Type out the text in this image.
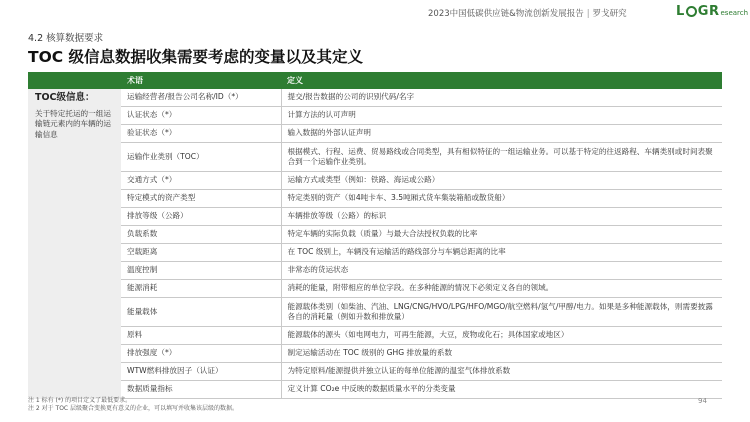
2023中国低碳供应链&物流创新发展报告 | 罗戈研究	L GR esearch
4.2 核算数据要求
TOC 级信息数据收集需要考虑的变量以及其定义
	术语	定义

TOC级信息：
关于特定托运的一组运输链元素内的车辆的运输信息	运输经营者/报告公司名称/ID（*）	提交/报告数据的公司的识别代码/名字
	认证状态（*）	计算方法的认可声明
	验证状态（*）	输入数据的外部认证声明
	运输作业类别（TOC）	根据模式、行程、运费、贸易路线或合同类型，具有相似特征的一组运输业务。可以基于特定的往返路程、车辆类别或时间表聚合到一个运输作业类别。
	交通方式（*）	运输方式或类型（例如：铁路、海运或公路）
	特定模式的资产类型	特定类别的资产（如4吨卡车、3.5吨厢式货车集装箱船或散货船）
	排放等级（公路）	车辆排放等级（公路）的标识
	负载系数	特定车辆的实际负载（质量）与最大合法授权负载的比率
	空载距离	在 TOC 级别上，车辆没有运输活的路线部分与车辆总距离的比率
	温度控制	非常态的货运状态
	能源消耗	消耗的能量，附带相应的单位字段。在多种能源的情况下必须定义各自的领域。
	能量载体	能源载体类别（如柴油、汽油、LNG/CNG/HVO/LPG/HFO/MGO/航空燃料/氢气/甲醇/电力。如果是多种能源载体，则需要披露各自的消耗量（例如升数和排放量）
	原料	能源载体的源头（如电网电力，可再生能源，大豆，废物或化石；具体国家或地区）
	排放强度（*）	制定运输活动在 TOC 级别的 GHG 排放量的系数
	WTW燃料排放因子（认证）	为特定原料/能源提供并独立认证的每单位能源的温室气体排放系数
	数据质量指标	定义计算 CO₂e 中反映的数据质量水平的分类变量
注 1 标有 (*) 的项目定义了最低要求。
注 2 对于 TOC 层级聚合变换更有意义的企业，可以填写并收集该层级的数据。
94
